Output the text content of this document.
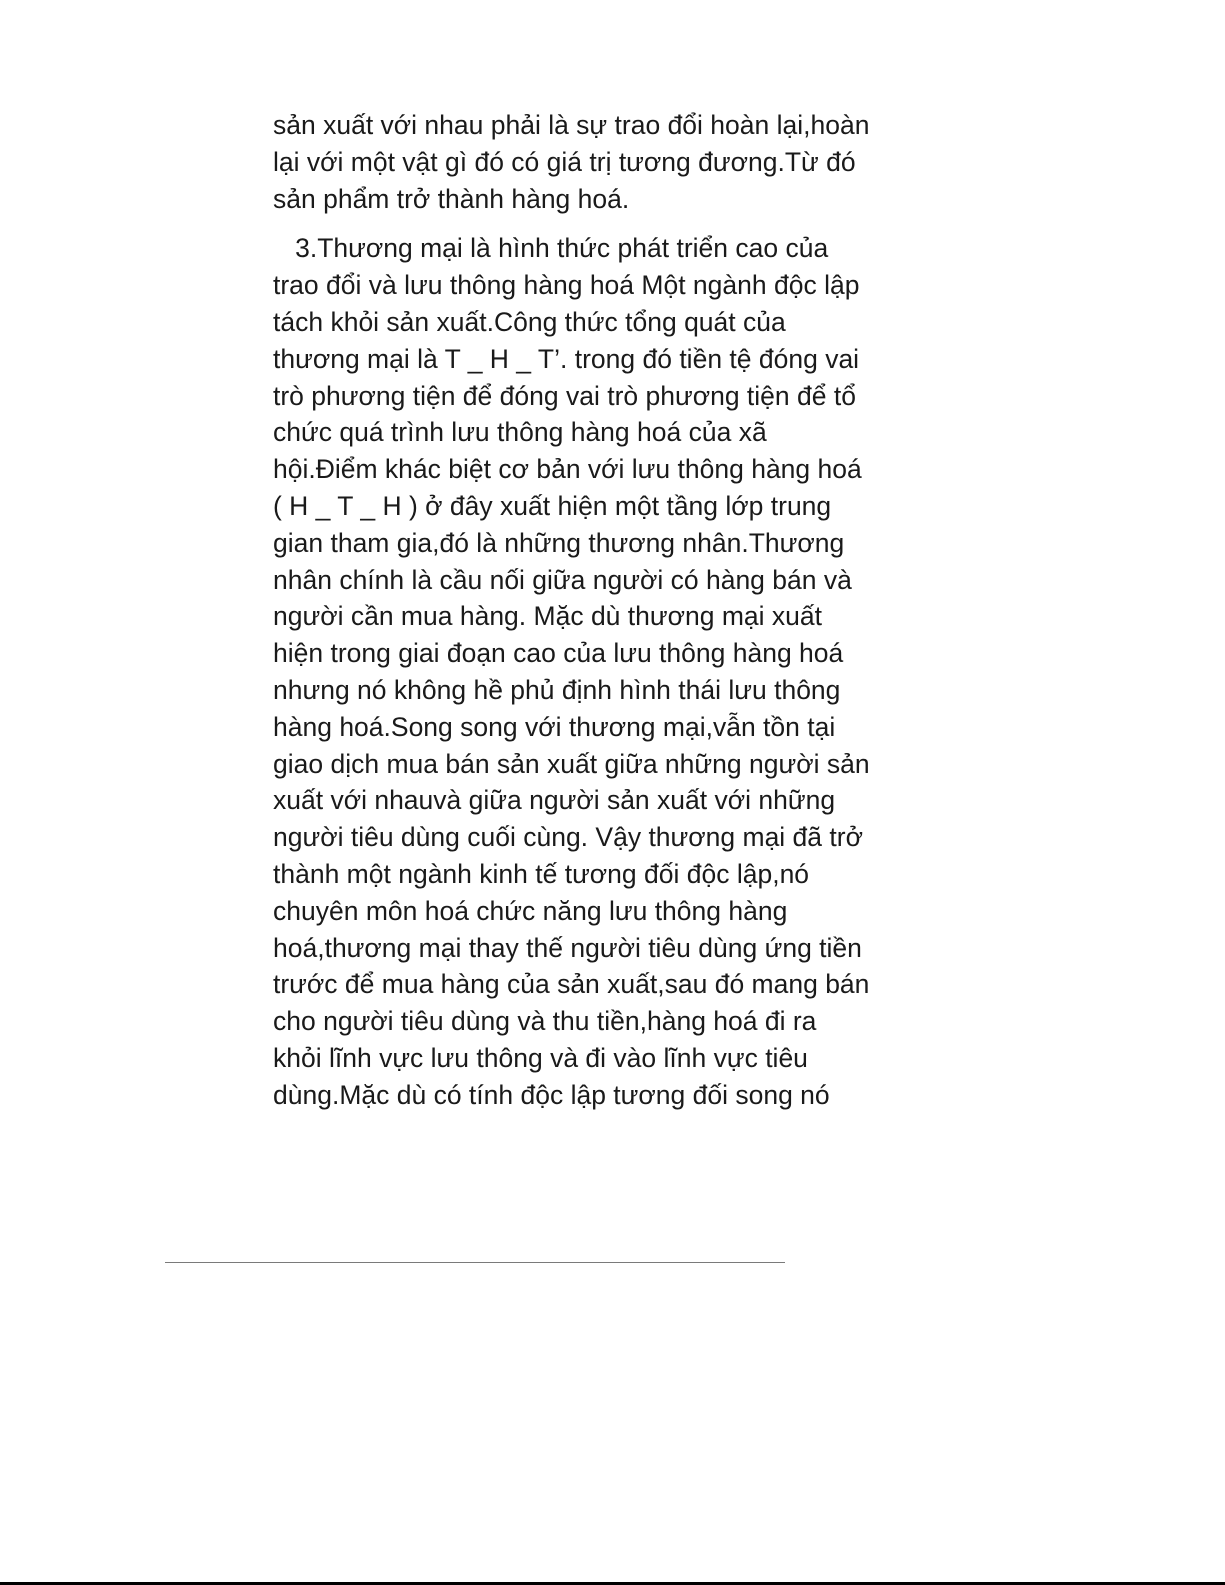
sản xuất với nhau phải là sự trao đổi hoàn lại,hoàn
lại với một vật gì đó có giá trị tương đương.Từ đó
sản phẩm trở thành hàng hoá.
3.Thương mại là hình thức phát triển cao của
trao đổi và lưu thông hàng hoá Một ngành độc lập
tách khỏi sản xuất.Công thức tổng quát của
thương mại là T _ H _ T’. trong đó tiền tệ đóng vai
trò phương tiện để đóng vai trò phương tiện để tổ
chức quá trình lưu thông hàng hoá của xã
hội.Điểm khác biệt cơ bản với lưu thông hàng hoá
( H _ T _ H ) ở đây xuất hiện một tầng lớp trung
gian tham gia,đó là những thương nhân.Thương
nhân chính là cầu nối giữa người có hàng bán và
người cần mua hàng. Mặc dù thương mại xuất
hiện trong giai đoạn cao của lưu thông hàng hoá
nhưng nó không hề phủ định hình thái lưu thông
hàng hoá.Song song với thương mại,vẫn tồn tại
giao dịch mua bán sản xuất giữa những người sản
xuất với nhauvà giữa người sản xuất với những
người tiêu dùng cuối cùng. Vậy thương mại đã trở
thành một ngành kinh tế tương đối độc lập,nó
chuyên môn hoá chức năng lưu thông hàng
hoá,thương mại thay thế người tiêu dùng ứng tiền
trước để mua hàng của sản xuất,sau đó mang bán
cho người tiêu dùng và thu tiền,hàng hoá đi ra
khỏi lĩnh vực lưu thông và đi vào lĩnh vực tiêu
dùng.Mặc dù có tính độc lập tương đối song nó
